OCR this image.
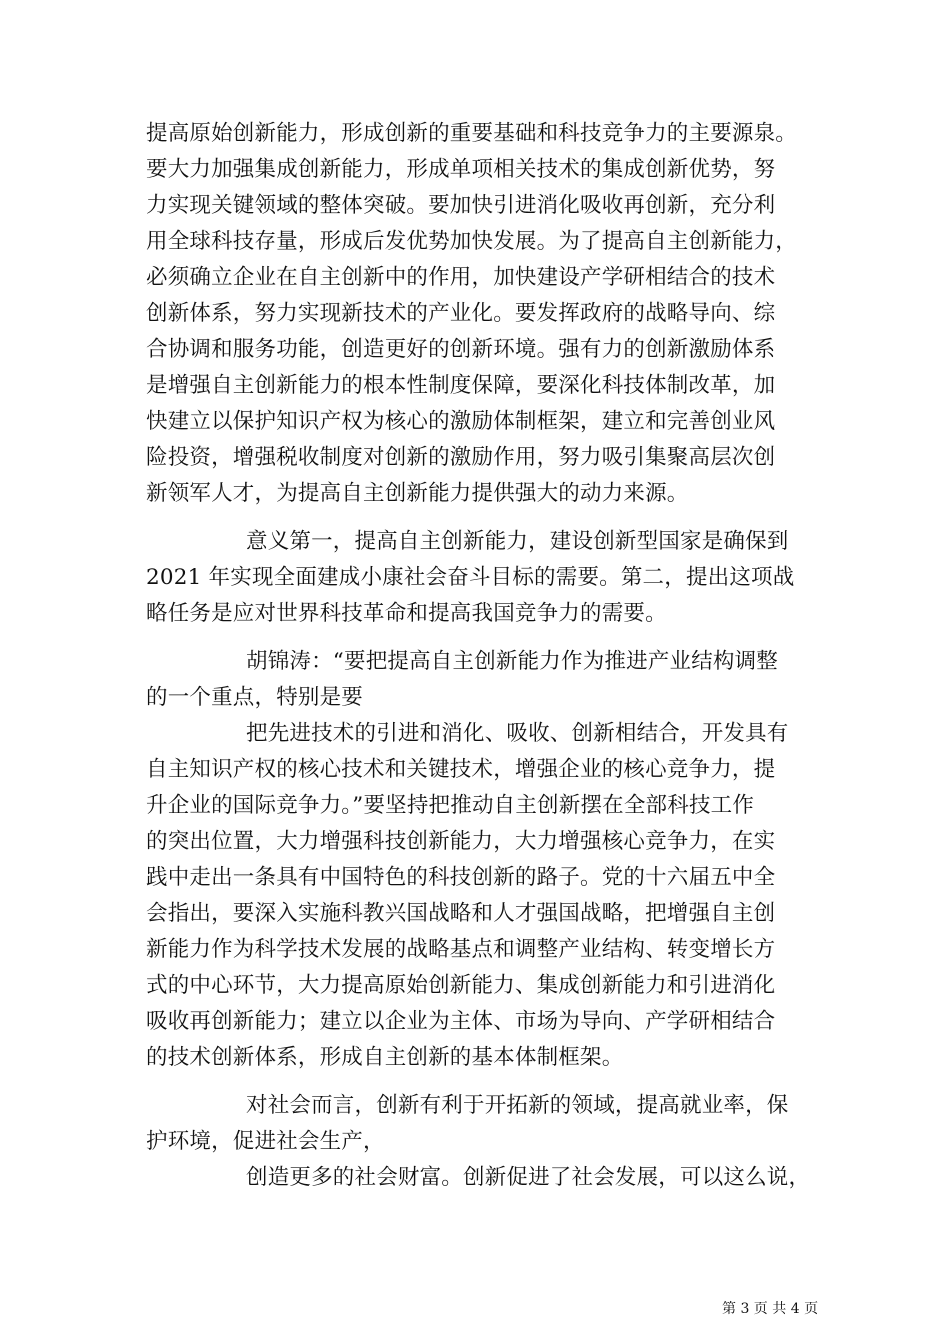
提高原始创新能力，形成创新的重要基础和科技竞争力的主要源泉。
要大力加强集成创新能力，形成单项相关技术的集成创新优势，努
力实现关键领域的整体突破。要加快引进消化吸收再创新，充分利
用全球科技存量，形成后发优势加快发展。为了提高自主创新能力，
必须确立企业在自主创新中的作用，加快建设产学研相结合的技术
创新体系，努力实现新技术的产业化。要发挥政府的战略导向、综
合协调和服务功能，创造更好的创新环境。强有力的创新激励体系
是增强自主创新能力的根本性制度保障，要深化科技体制改革，加
快建立以保护知识产权为核心的激励体制框架，建立和完善创业风
险投资，增强税收制度对创新的激励作用，努力吸引集聚高层次创
新领军人才，为提高自主创新能力提供强大的动力来源。
意义第一，提高自主创新能力，建设创新型国家是确保到
2021 年实现全面建成小康社会奋斗目标的需要。第二，提出这项战
略任务是应对世界科技革命和提高我国竞争力的需要。
胡锦涛：“要把提高自主创新能力作为推进产业结构调整
的一个重点，特别是要
把先进技术的引进和消化、吸收、创新相结合，开发具有
自主知识产权的核心技术和关键技术，增强企业的核心竞争力，提
升企业的国际竞争力。”要坚持把推动自主创新摆在全部科技工作
的突出位置，大力增强科技创新能力，大力增强核心竞争力，在实
践中走出一条具有中国特色的科技创新的路子。党的十六届五中全
会指出，要深入实施科教兴国战略和人才强国战略，把增强自主创
新能力作为科学技术发展的战略基点和调整产业结构、转变增长方
式的中心环节，大力提高原始创新能力、集成创新能力和引进消化
吸收再创新能力；建立以企业为主体、市场为导向、产学研相结合
的技术创新体系，形成自主创新的基本体制框架。
对社会而言，创新有利于开拓新的领域，提高就业率，保
护环境，促进社会生产，
创造更多的社会财富。创新促进了社会发展，可以这么说，
第 3 页 共 4 页
